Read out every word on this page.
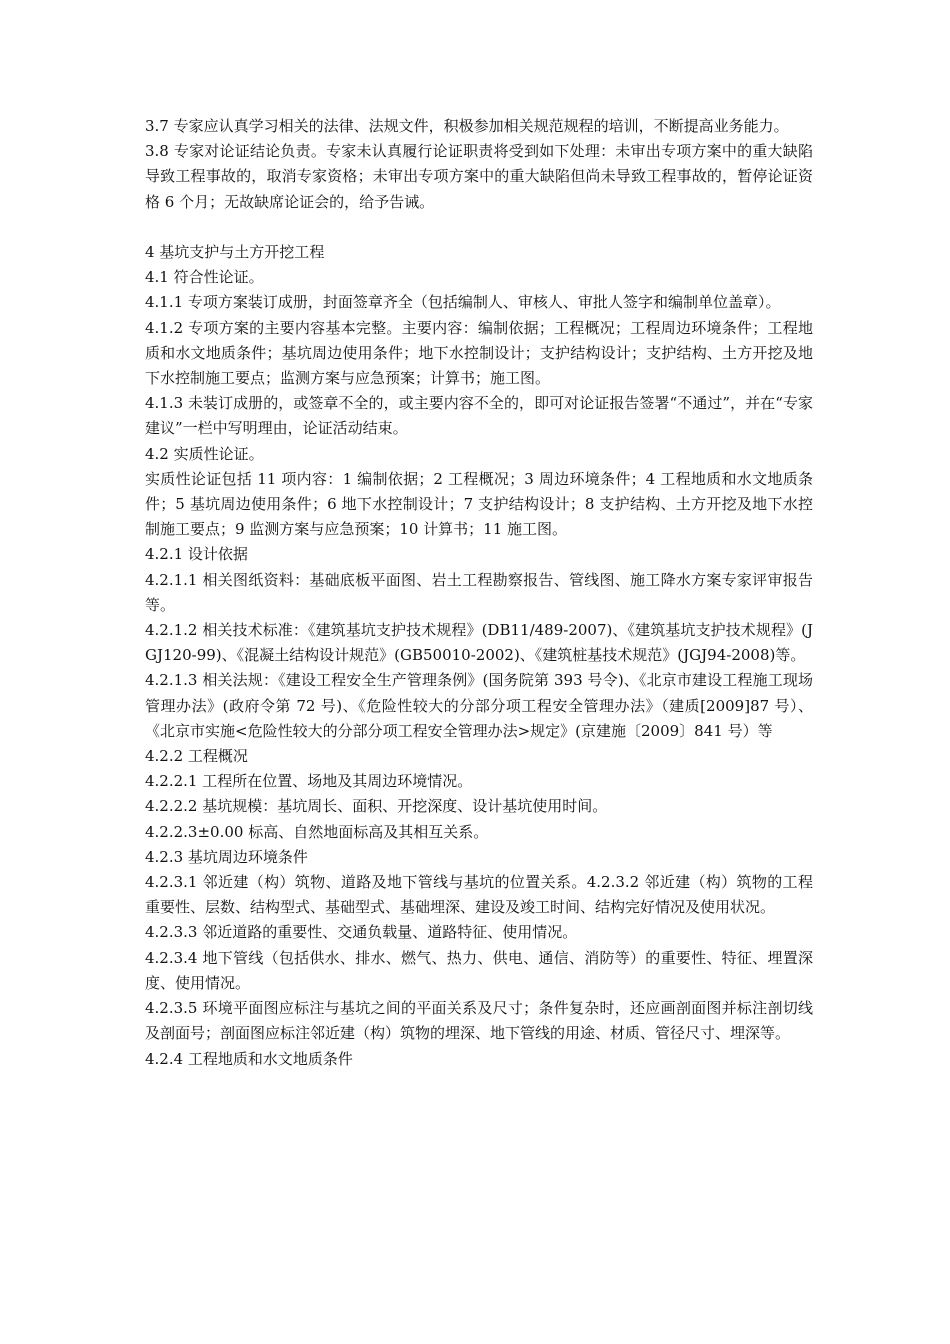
3.7 专家应认真学习相关的法律、法规文件，积极参加相关规范规程的培训，不断提高业务能力。

3.8 专家对论证结论负责。专家未认真履行论证职责将受到如下处理：未审出专项方案中的重大缺陷导致工程事故的，取消专家资格；未审出专项方案中的重大缺陷但尚未导致工程事故的，暂停论证资格 6 个月；无故缺席论证会的，给予告诫。

4 基坑支护与土方开挖工程

4.1 符合性论证。

4.1.1 专项方案装订成册，封面签章齐全（包括编制人、审核人、审批人签字和编制单位盖章）。

4.1.2 专项方案的主要内容基本完整。主要内容：编制依据；工程概况；工程周边环境条件；工程地质和水文地质条件；基坑周边使用条件；地下水控制设计；支护结构设计；支护结构、土方开挖及地下水控制施工要点；监测方案与应急预案；计算书；施工图。

4.1.3 未装订成册的，或签章不全的，或主要内容不全的，即可对论证报告签署“不通过”，并在“专家建议”一栏中写明理由，论证活动结束。

4.2 实质性论证。

实质性论证包括 11 项内容：1 编制依据；2 工程概况；3 周边环境条件；4 工程地质和水文地质条件；5 基坑周边使用条件；6 地下水控制设计；7 支护结构设计；8 支护结构、土方开挖及地下水控制施工要点；9 监测方案与应急预案；10 计算书；11 施工图。

4.2.1 设计依据

4.2.1.1 相关图纸资料：基础底板平面图、岩土工程勘察报告、管线图、施工降水方案专家评审报告等。

4.2.1.2 相关技术标准：《建筑基坑支护技术规程》(DB11/489-2007)、《建筑基坑支护技术规程》(JGJ120-99)、《混凝土结构设计规范》(GB50010-2002)、《建筑桩基技术规范》(JGJ94-2008)等。

4.2.1.3 相关法规：《建设工程安全生产管理条例》(国务院第 393 号令)、《北京市建设工程施工现场管理办法》(政府令第 72 号)、《危险性较大的分部分项工程安全管理办法》（建质[2009]87 号）、《北京市实施<危险性较大的分部分项工程安全管理办法>规定》(京建施〔2009〕841 号）等

4.2.2 工程概况

4.2.2.1 工程所在位置、场地及其周边环境情况。

4.2.2.2 基坑规模：基坑周长、面积、开挖深度、设计基坑使用时间。

4.2.2.3±0.00 标高、自然地面标高及其相互关系。

4.2.3 基坑周边环境条件

4.2.3.1 邻近建（构）筑物、道路及地下管线与基坑的位置关系。4.2.3.2 邻近建（构）筑物的工程重要性、层数、结构型式、基础型式、基础埋深、建设及竣工时间、结构完好情况及使用状况。

4.2.3.3 邻近道路的重要性、交通负载量、道路特征、使用情况。

4.2.3.4 地下管线（包括供水、排水、燃气、热力、供电、通信、消防等）的重要性、特征、埋置深度、使用情况。

4.2.3.5 环境平面图应标注与基坑之间的平面关系及尺寸；条件复杂时，还应画剖面图并标注剖切线及剖面号；剖面图应标注邻近建（构）筑物的埋深、地下管线的用途、材质、管径尺寸、埋深等。

4.2.4 工程地质和水文地质条件
